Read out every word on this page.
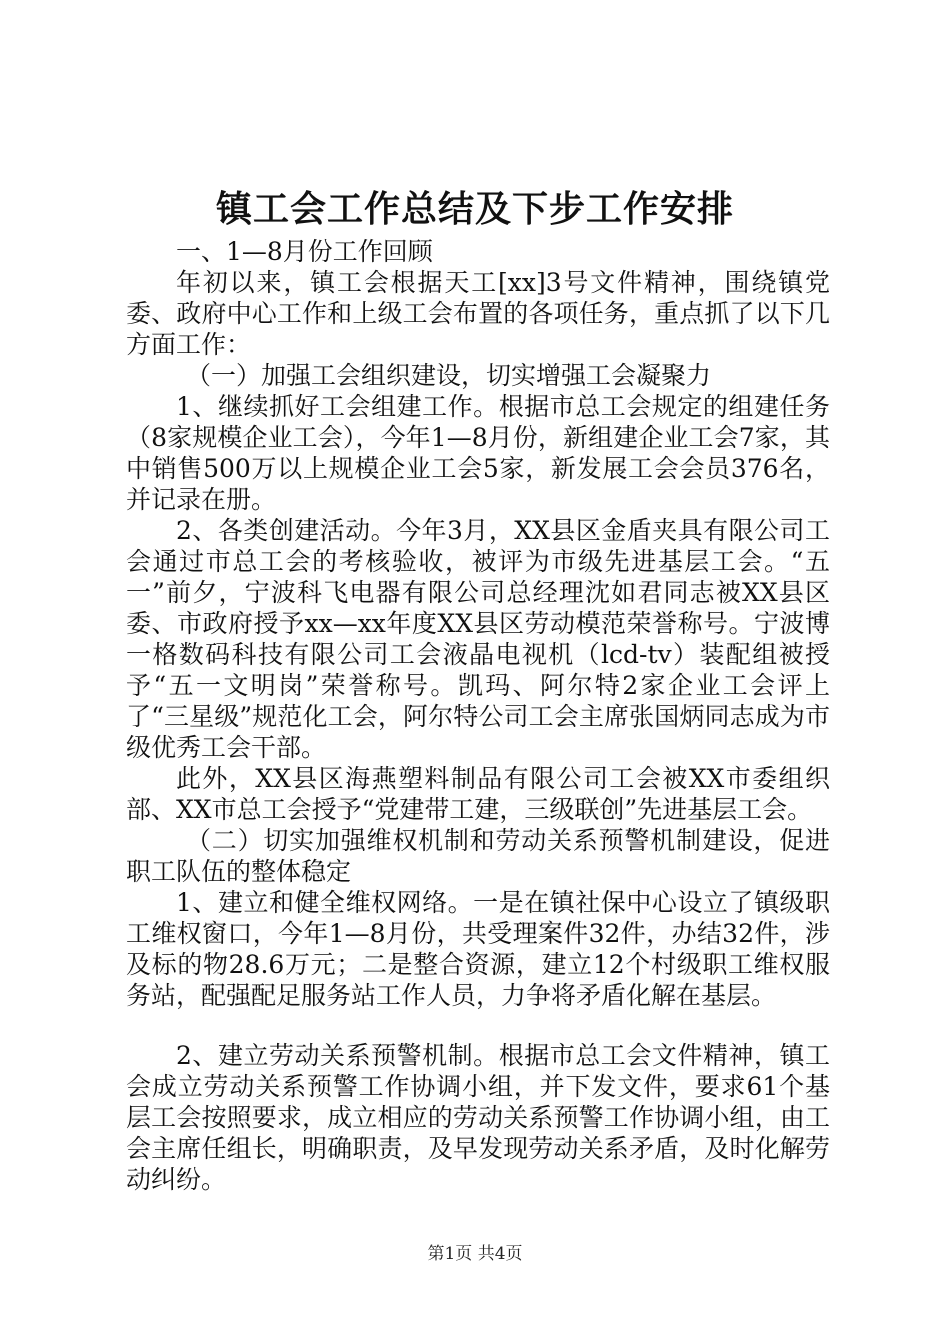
镇工会工作总结及下步工作安排

一、1—8月份工作回顾

年初以来，镇工会根据天工[xx]3号文件精神，围绕镇党委、政府中心工作和上级工会布置的各项任务，重点抓了以下几方面工作：

（一）加强工会组织建设，切实增强工会凝聚力

1、继续抓好工会组建工作。根据市总工会规定的组建任务（8家规模企业工会），今年1—8月份，新组建企业工会7家，其中销售500万以上规模企业工会5家，新发展工会会员376名，并记录在册。

2、各类创建活动。今年3月，XX县区金盾夹具有限公司工会通过市总工会的考核验收，被评为市级先进基层工会。“五一”前夕，宁波科飞电器有限公司总经理沈如君同志被XX县区委、市政府授予xx—xx年度XX县区劳动模范荣誉称号。宁波博一格数码科技有限公司工会液晶电视机（lcd-tv）装配组被授予“五一文明岗”荣誉称号。凯玛、阿尔特2家企业工会评上了“三星级”规范化工会，阿尔特公司工会主席张国炳同志成为市级优秀工会干部。

此外，XX县区海燕塑料制品有限公司工会被XX市委组织部、XX市总工会授予“党建带工建，三级联创”先进基层工会。

（二）切实加强维权机制和劳动关系预警机制建设，促进职工队伍的整体稳定

1、建立和健全维权网络。一是在镇社保中心设立了镇级职工维权窗口，今年1—8月份，共受理案件32件，办结32件，涉及标的物28.6万元；二是整合资源，建立12个村级职工维权服务站，配强配足服务站工作人员，力争将矛盾化解在基层。

2、建立劳动关系预警机制。根据市总工会文件精神，镇工会成立劳动关系预警工作协调小组，并下发文件，要求61个基层工会按照要求，成立相应的劳动关系预警工作协调小组，由工会主席任组长，明确职责，及早发现劳动关系矛盾，及时化解劳动纠纷。

第1页 共4页
